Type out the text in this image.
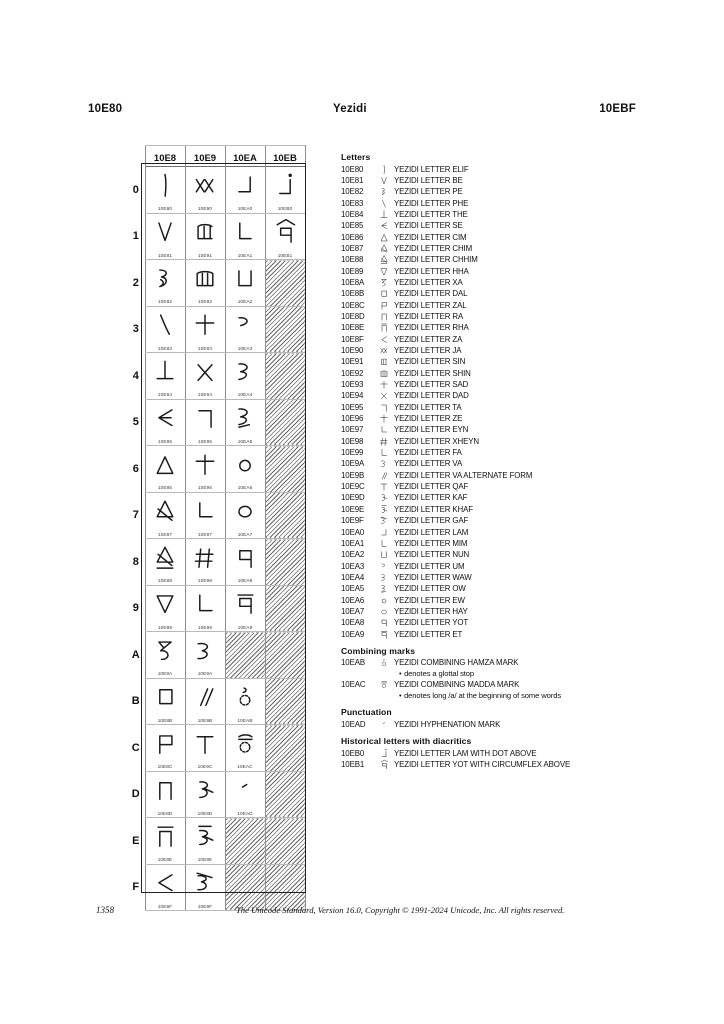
10E80	Yezidi	10EBF
	10E8	10E9	10EA	10EB
0	10E80	10E90	10EA0	10EB0

1	10E81	10E91	10EA1	10EB1

2	10E82	10E92	10EA2	

3	10E83	10E93	10EA3	

4	10E84	10E94	10EA4	

5	10E85	10E95	10EA5	

6	10E86	10E96	10EA6	

7	10E87	10E97	10EA7	

8	10E88	10E98	10EA8	

9	10E89	10E99	10EA9	

A	10E8A	10E9A		

B	10E8B	10E9B	10EAB	

C	10E8C	10E9C	10EAC	

D	10E8D	10E9D	10EAD	

E	10E8E	10E9E		

F	10E8F	10E9F		

Letters
10E80	YEZIDI LETTER ELIF
10E81	YEZIDI LETTER BE
10E82	YEZIDI LETTER PE
10E83	YEZIDI LETTER PHE
10E84	YEZIDI LETTER THE
10E85	YEZIDI LETTER SE
10E86	YEZIDI LETTER CIM
10E87	YEZIDI LETTER CHIM
10E88	YEZIDI LETTER CHHIM
10E89	YEZIDI LETTER HHA
10E8A	YEZIDI LETTER XA
10E8B	YEZIDI LETTER DAL
10E8C	YEZIDI LETTER ZAL
10E8D	YEZIDI LETTER RA
10E8E	YEZIDI LETTER RHA
10E8F	YEZIDI LETTER ZA
10E90	YEZIDI LETTER JA
10E91	YEZIDI LETTER SIN
10E92	YEZIDI LETTER SHIN
10E93	YEZIDI LETTER SAD
10E94	YEZIDI LETTER DAD
10E95	YEZIDI LETTER TA
10E96	YEZIDI LETTER ZE
10E97	YEZIDI LETTER EYN
10E98	YEZIDI LETTER XHEYN
10E99	YEZIDI LETTER FA
10E9A	YEZIDI LETTER VA
10E9B	YEZIDI LETTER VA ALTERNATE FORM
10E9C	YEZIDI LETTER QAF
10E9D	YEZIDI LETTER KAF
10E9E	YEZIDI LETTER KHAF
10E9F	YEZIDI LETTER GAF
10EA0	YEZIDI LETTER LAM
10EA1	YEZIDI LETTER MIM
10EA2	YEZIDI LETTER NUN
10EA3	YEZIDI LETTER UM
10EA4	YEZIDI LETTER WAW
10EA5	YEZIDI LETTER OW
10EA6	YEZIDI LETTER EW
10EA7	YEZIDI LETTER HAY
10EA8	YEZIDI LETTER YOT
10EA9	YEZIDI LETTER ET
Combining marks
10EAB	YEZIDI COMBINING HAMZA MARK
• denotes a glottal stop
10EAC	YEZIDI COMBINING MADDA MARK
• denotes long /a/ at the beginning of some words
Punctuation
10EAD	YEZIDI HYPHENATION MARK
Historical letters with diacritics
10EB0	YEZIDI LETTER LAM WITH DOT ABOVE
10EB1	YEZIDI LETTER YOT WITH CIRCUMFLEX ABOVE
1358	The Unicode Standard, Version 16.0, Copyright © 1991-2024 Unicode, Inc. All rights reserved.
